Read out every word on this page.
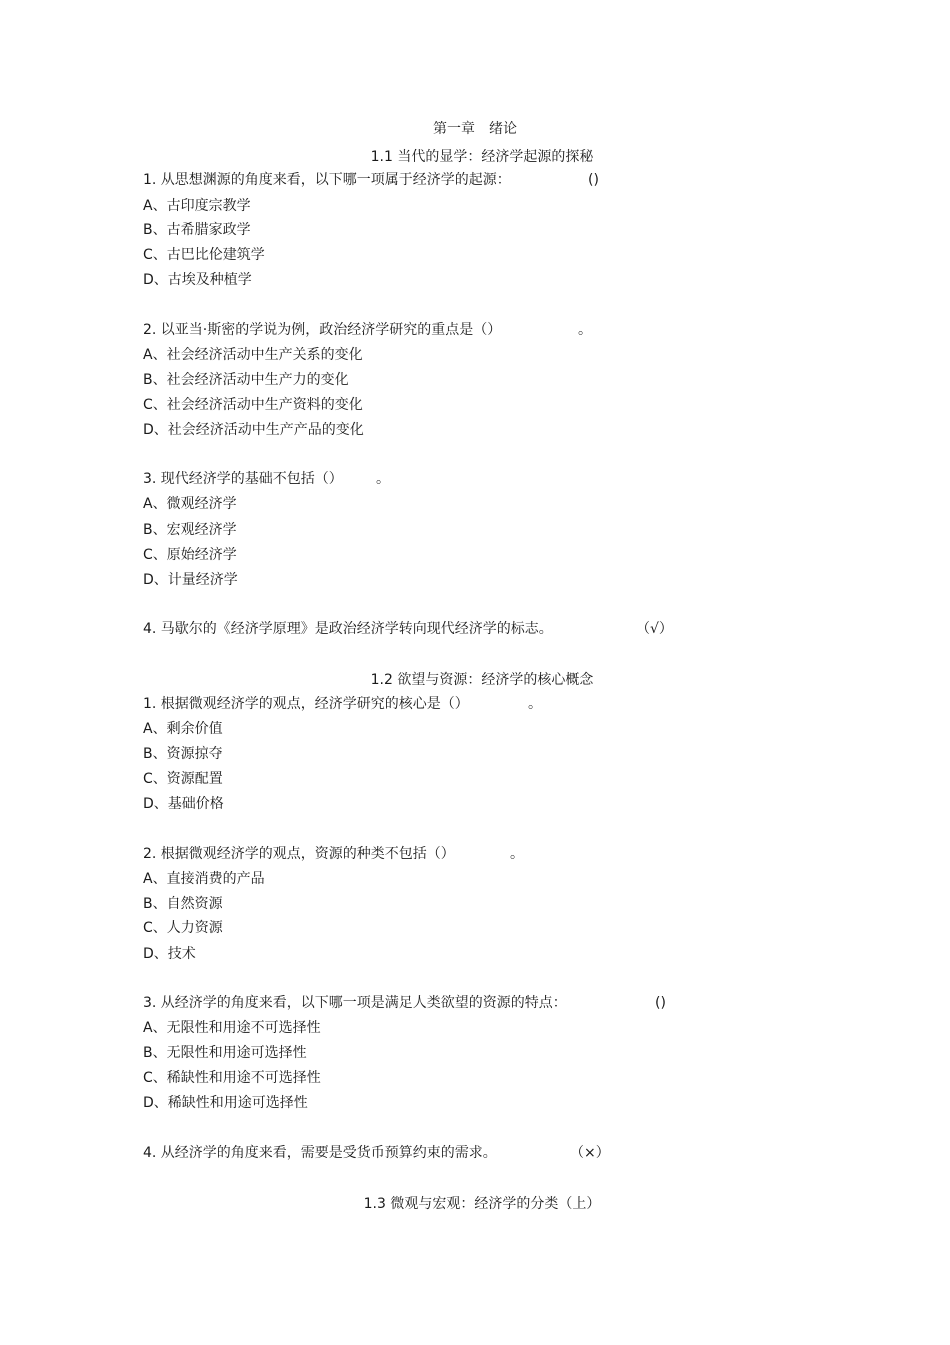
第一章　绪论
1.1 当代的显学：经济学起源的探秘
1. 从思想渊源的角度来看，以下哪一项属于经济学的起源：	()
A、古印度宗教学
B、古希腊家政学
C、古巴比伦建筑学
D、古埃及种植学
2. 以亚当·斯密的学说为例，政治经济学研究的重点是（）	。
A、社会经济活动中生产关系的变化
B、社会经济活动中生产力的变化
C、社会经济活动中生产资料的变化
D、社会经济活动中生产产品的变化
3. 现代经济学的基础不包括（） 。
A、微观经济学
B、宏观经济学
C、原始经济学
D、计量经济学
4. 马歇尔的《经济学原理》是政治经济学转向现代经济学的标志。	（√）
1.2 欲望与资源：经济学的核心概念
1. 根据微观经济学的观点，经济学研究的核心是（）	。
A、剩余价值
B、资源掠夺
C、资源配置
D、基础价格
2. 根据微观经济学的观点，资源的种类不包括（）	。
A、直接消费的产品
B、自然资源
C、人力资源
D、技术
3. 从经济学的角度来看，以下哪一项是满足人类欲望的资源的特点：	()
A、无限性和用途不可选择性
B、无限性和用途可选择性
C、稀缺性和用途不可选择性
D、稀缺性和用途可选择性
4. 从经济学的角度来看，需要是受货币预算约束的需求。	（×）
1.3 微观与宏观：经济学的分类（上）
